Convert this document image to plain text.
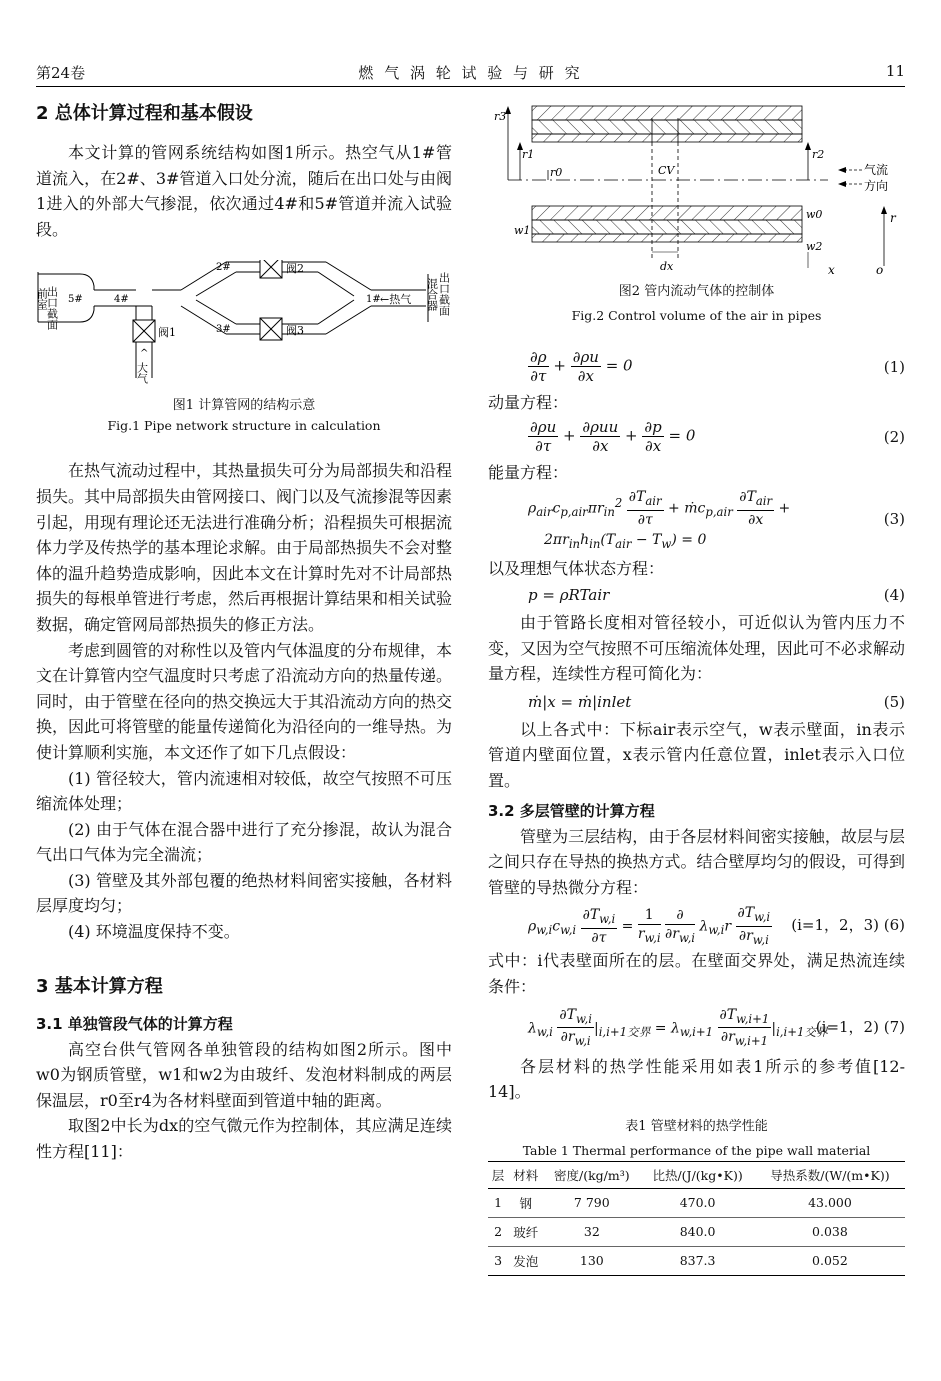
第24卷	燃 气 涡 轮 试 验 与 研 究	11
2 总体计算过程和基本假设

本文计算的管网系统结构如图1所示。热空气从1#管道流入，在2#、3#管道入口处分流，随后在出口处与由阀1进入的外部大气掺混，依次通过4#和5#管道并流入试验段。

出口截面
前室 5#	4#
2#
3#
1#
阀2
阀3
阀1
←热气 混合器 出口截面
^
大气
图1 计算管网的结构示意
Fig.1 Pipe network structure in calculation

在热气流动过程中，其热量损失可分为局部损失和沿程损失。其中局部损失由管网接口、阀门以及气流掺混等因素引起，用现有理论还无法进行准确分析；沿程损失可根据流体力学及传热学的基本理论求解。由于局部热损失不会对整体的温升趋势造成影响，因此本文在计算时先对不计局部热损失的每根单管进行考虑，然后再根据计算结果和相关试验数据，确定管网局部热损失的修正方法。

考虑到圆管的对称性以及管内气体温度的分布规律，本文在计算管内空气温度时只考虑了沿流动方向的热量传递。同时，由于管壁在径向的热交换远大于其沿流动方向的热交换，因此可将管壁的能量传递简化为沿径向的一维导热。为使计算顺利实施，本文还作了如下几点假设：

(1) 管径较大，管内流速相对较低，故空气按照不可压缩流体处理；

(2) 由于气体在混合器中进行了充分掺混，故认为混合气出口气体为完全湍流；

(3) 管壁及其外部包覆的绝热材料间密实接触，各材料层厚度均匀；

(4) 环境温度保持不变。

3 基本计算方程
3.1 单独管段气体的计算方程

高空台供气管网各单独管段的结构如图2所示。图中w0为钢质管壁，w1和w2为由玻纤、发泡材料制成的两层保温层，r0至r4为各材料壁面到管道中轴的距离。

取图2中长为dx的空气微元作为控制体，其应满足连续性方程[11]：

r3
r1	r2
r0	CV	气流
方向
w0
w1
w2
dx	x	o
r
图2 管内流动气体的控制体
Fig.2 Control volume of the air in pipes
$\frac{\partial\rho}{\partial\tau} + \frac{\partial\rho u}{\partial x} = 0$	(1)
动量方程：
$\frac{\partial\rho u}{\partial\tau} + \frac{\text{∂ρuu}}{\partial x} + \frac{\partial p}{\partial x} = 0$	(2)
能量方程：
$\rho_{air}c_{p,air}\pi r_{in}^2 \frac{\partial T_{air}}{\partial\tau}$ + ṁc$_{p,air}$ $\frac{\partial T_{air}}{\partial x}$ +
$2\pi r_{in}h_{in}(T_{air} - T_w) = 0$
(3)
以及理想气体状态方程：
p = ρRTair	(4)

由于管路长度相对管径较小，可近似认为管内压力不变，又因为空气按照不可压缩流体处理，因此可不必求解动量方程，连续性方程可简化为：

ṁ|x = ṁ|inlet	(5)

以上各式中：下标air表示空气，w表示壁面，in表示管道内壁面位置，x表示管内任意位置，inlet表示入口位置。

3.2 多层管壁的计算方程

管壁为三层结构，由于各层材料间密实接触，故层与层之间只存在导热的换热方式。结合壁厚均匀的假设，可得到管壁的导热微分方程：

$\rho_{w,i}c_{w,i} \frac{\partial T_{w,i}}{\partial\tau} = \frac{1}{r_{w,i}}$
$\frac{\partial}{\partial r_{w,i}} \lambda_{w,i}r \frac{\partial T_{w,i}}{\partial r_{w,i}} (i=1$，2，3) (6)

式中：i代表壁面所在的层。在壁面交界处，满足热流连续条件：

$\lambda_{w,i} \frac{\partial T_{w,i}}{\partial r_{w,i}} |_{i,i+1交界} = \lambda_{w,i+1} \frac{\partial T_{w,i+1}}{\partial r_{w,i+1}} |_{i,i+1交界}$
(i=1，2) (7)

各层材料的热学性能采用如表1所示的参考值[12-14]。

表1 管壁材料的热学性能
Table 1 Thermal performance of the pipe wall material
层	材料	密度/(kg/m³)	比热/(J/(kg•K))	导热系数/(W/(m•K))
1	钢	7 790	470.0	43.000
2	玻纤	32	840.0	0.038
3	发泡	130	837.3	0.052
